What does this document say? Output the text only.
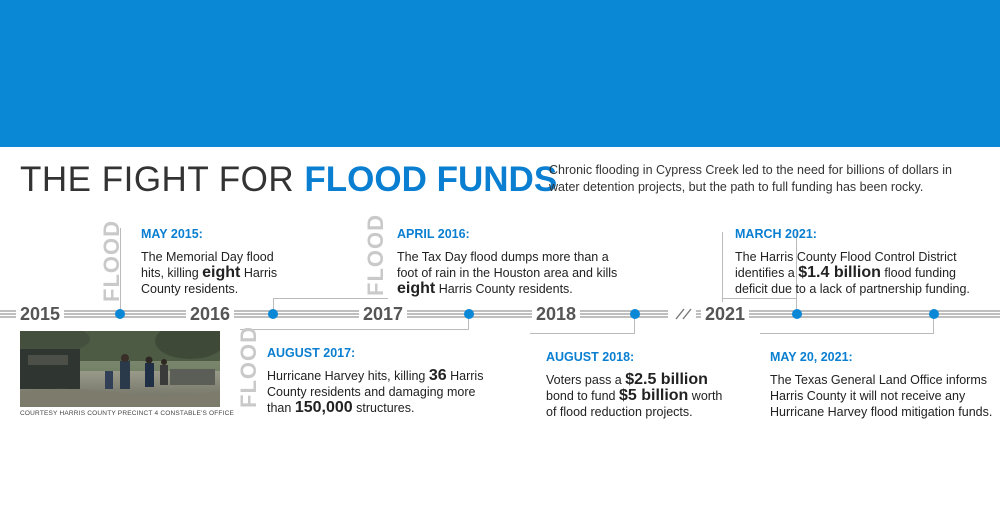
THE FIGHT FOR FLOOD FUNDS

Chronic flooding in Cypress Creek led to the need for billions of dollars in water detention projects, but the path to full funding has been rocky.

2015	2016	2017	2018	2021
FLOOD	FLOOD
FLOOD
MAY 2015:
The Memorial Day flood hits, killing eight Harris County residents.
APRIL 2016:
The Tax Day flood dumps more than a foot of rain in the Houston area and kills eight Harris County residents.
AUGUST 2017:
Hurricane Harvey hits, killing 36 Harris County residents and damaging more than 150,000 structures.
AUGUST 2018:
Voters pass a $2.5 billion bond to fund $5 billion worth of flood reduction projects.
MARCH 2021:
The Harris County Flood Control District identifies a $1.4 billion flood funding deficit due to a lack of partnership funding.
MAY 20, 2021:
The Texas General Land Office informs Harris County it will not receive any Hurricane Harvey flood mitigation funds.
COURTESY HARRIS COUNTY PRECINCT 4 CONSTABLE'S OFFICE
